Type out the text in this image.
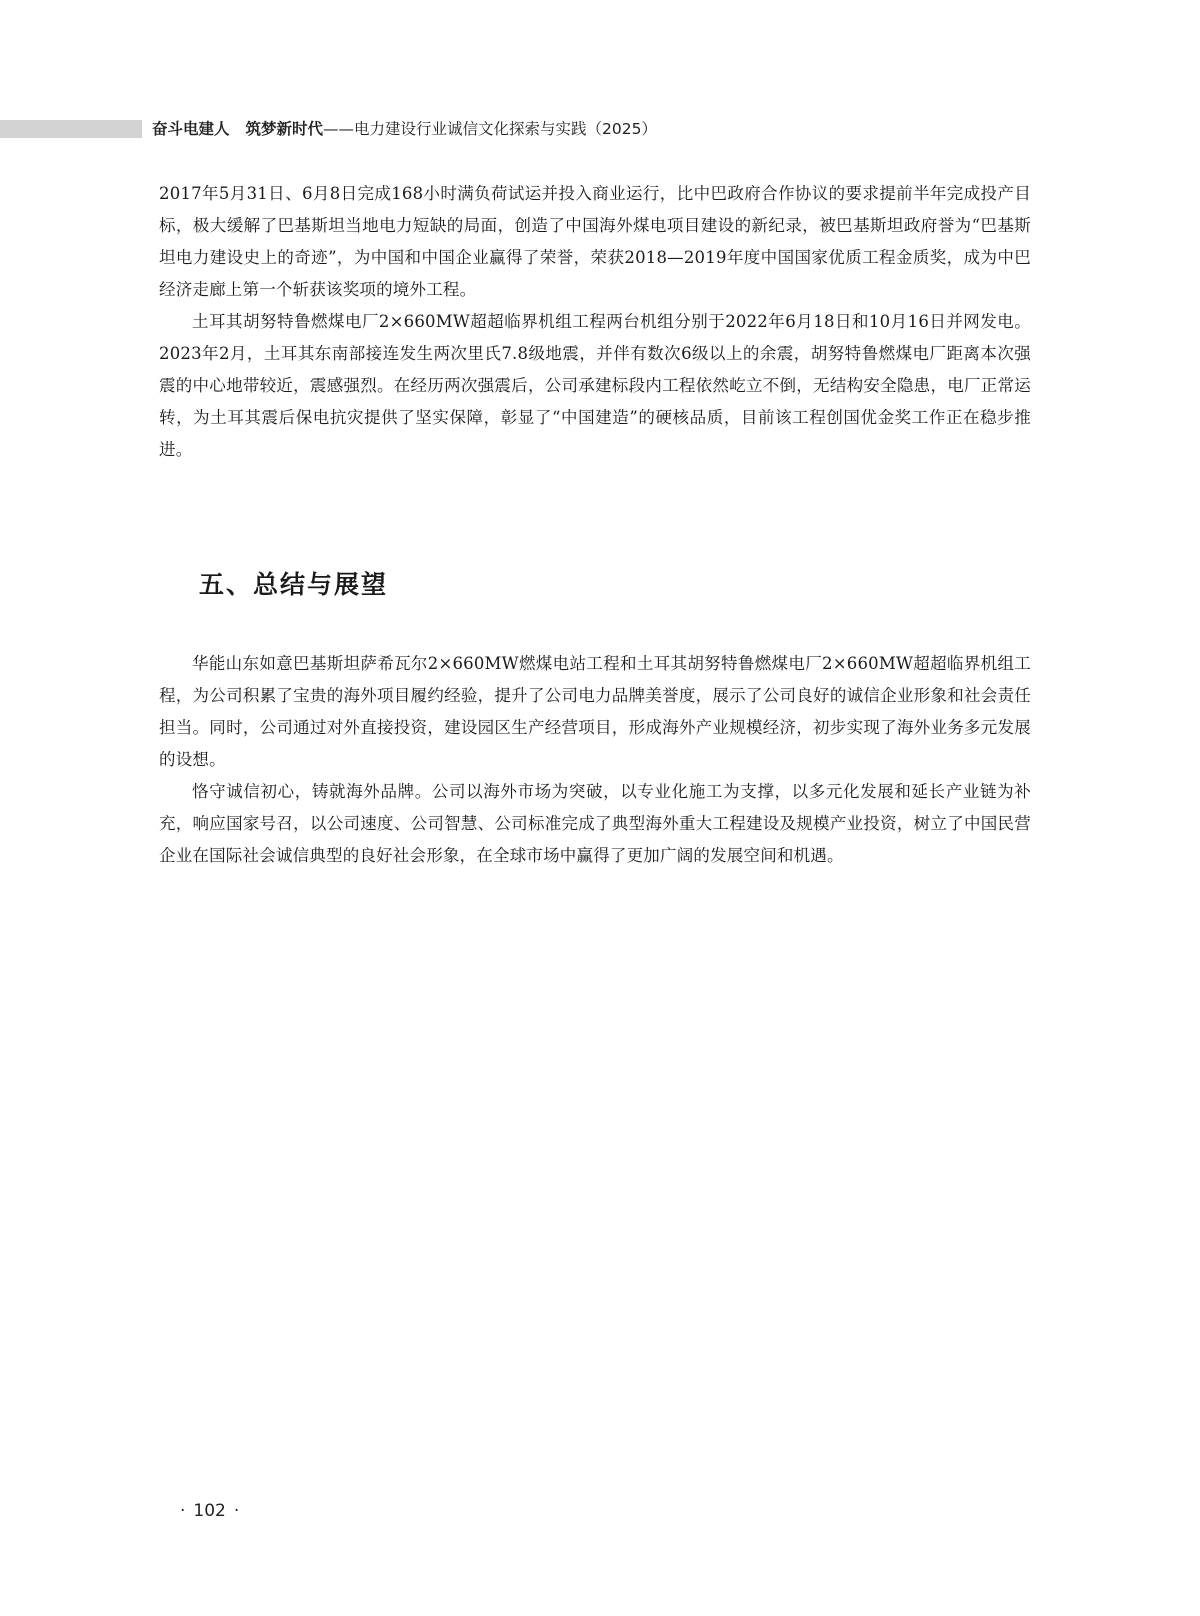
奋斗电建人 筑梦新时代——电力建设行业诚信文化探索与实践（2025）

2017年5月31日、6月8日完成168小时满负荷试运并投入商业运行，比中巴政府合作协议的要求提前半年完成投产目标，极大缓解了巴基斯坦当地电力短缺的局面，创造了中国海外煤电项目建设的新纪录，被巴基斯坦政府誉为“巴基斯坦电力建设史上的奇迹”，为中国和中国企业赢得了荣誉，荣获2018—2019年度中国国家优质工程金质奖，成为中巴经济走廊上第一个斩获该奖项的境外工程。

土耳其胡努特鲁燃煤电厂2×660MW超超临界机组工程两台机组分别于2022年6月18日和10月16日并网发电。2023年2月，土耳其东南部接连发生两次里氏7.8级地震，并伴有数次6级以上的余震，胡努特鲁燃煤电厂距离本次强震的中心地带较近，震感强烈。在经历两次强震后，公司承建标段内工程依然屹立不倒，无结构安全隐患，电厂正常运转，为土耳其震后保电抗灾提供了坚实保障，彰显了“中国建造”的硬核品质，目前该工程创国优金奖工作正在稳步推进。

五、总结与展望

华能山东如意巴基斯坦萨希瓦尔2×660MW燃煤电站工程和土耳其胡努特鲁燃煤电厂2×660MW超超临界机组工程，为公司积累了宝贵的海外项目履约经验，提升了公司电力品牌美誉度，展示了公司良好的诚信企业形象和社会责任担当。同时，公司通过对外直接投资，建设园区生产经营项目，形成海外产业规模经济，初步实现了海外业务多元发展的设想。

恪守诚信初心，铸就海外品牌。公司以海外市场为突破，以专业化施工为支撑，以多元化发展和延长产业链为补充，响应国家号召，以公司速度、公司智慧、公司标准完成了典型海外重大工程建设及规模产业投资，树立了中国民营企业在国际社会诚信典型的良好社会形象，在全球市场中赢得了更加广阔的发展空间和机遇。

· 102 ·
